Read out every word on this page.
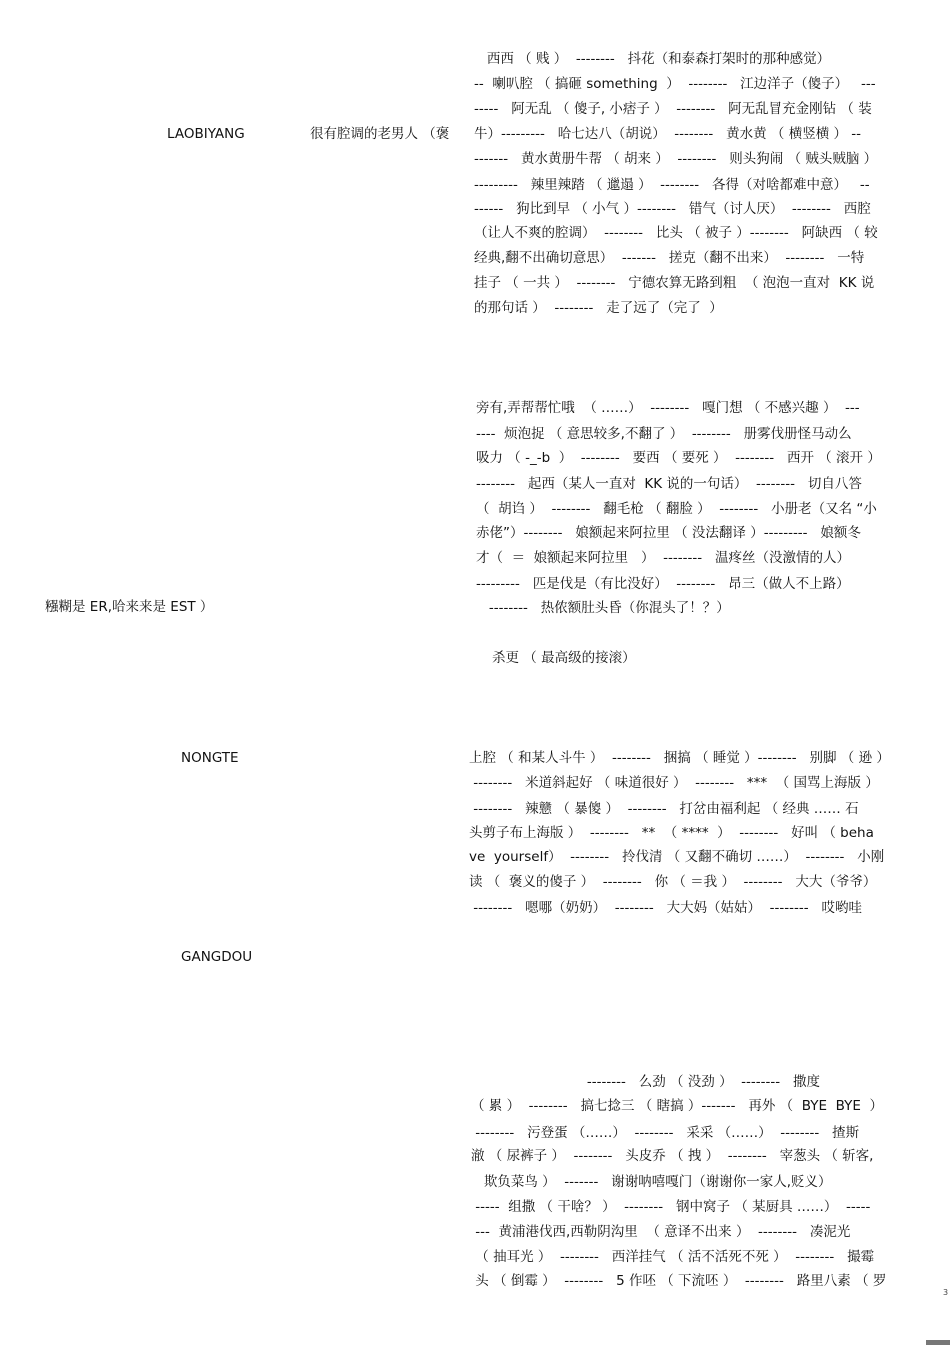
LAOBIYANG	很有腔调的老男人 （褒
糨糊是 ER,哈来来是 EST ）
NONGTE
GANGDOU
西西 （ 贱 ）  --------   抖花（和泰森打架时的那种感觉）
--  喇叭腔 （ 搞砸 something  ）  --------   江边洋子（傻子）   ---
-----   阿无乱 （ 傻子, 小痞子 ）  --------   阿无乱冒充金刚钻 （ 装
牛）---------   哈七达八（胡说）  --------   黄水黄 （ 横竖横 ） --
-------   黄水黄册牛帮 （ 胡来 ）  --------   则头狗闹 （ 贼头贼脑 ）
---------   辣里辣踏 （ 邋遢 ）  --------   各得（对啥都难中意）   --
------   狗比到早 （ 小气 ）--------   错气（讨人厌）  --------   西腔
（让人不爽的腔调）  --------   比头 （ 被子 ）--------   阿缺西 （ 较
经典,翻不出确切意思）  -------   搓克（翻不出来）  --------   一特
挂子 （ 一共 ）  --------   宁德农算无路到粗  （ 泡泡一直对  KK 说
的那句话 ）  --------   走了远了（完了  ）
旁有,弄帮帮忙哦  （ ……）  --------   嘎门想 （ 不感兴趣 ）  ---
----  烦泡捉 （ 意思较多,不翻了 ）  --------   册雾伐册怪马动么
吸力 （ -_-b  ）  --------   要西 （ 要死 ）  --------   西开 （ 滚开 ）
--------   起西（某人一直对  KK 说的一句话）  --------   切自八答
（  胡诌 ）  --------   翻毛枪 （ 翻脸 ）  --------   小册老（又名 “小
赤佬”）--------   娘额起来阿拉里 （ 没法翻译 ）---------   娘额冬
才（  ＝  娘额起来阿拉里   ）  --------   温疼丝（没激情的人）
---------   匹是伐是（有比没好）  --------   昂三（做人不上路）
--------   热侬额肚头昏（你混头了！？）
杀更 （ 最高级的接滚）
上腔 （ 和某人斗牛 ）  --------   捆搞 （ 睡觉 ）--------   别脚 （ 逊 ）
--------   米道斜起好 （ 味道很好 ）  --------   ***  （ 国骂上海版 ）
--------   辣戆 （ 暴傻 ）  --------   打岔由福利起 （ 经典 …… 石
头剪子布上海版 ）  --------   **  （ ****  ）  --------   好叫 （ beha
ve  yourself）  --------   拎伐清 （ 又翻不确切 ……）  --------   小刚
读 （  褒义的傻子 ）  --------   你 （ ＝我 ）  --------   大大（爷爷）
--------   嗯哪（奶奶）  --------   大大妈（姑姑）  --------   哎哟哇
--------   么劲 （ 没劲 ）  --------   撒度
（ 累 ）  --------   搞七捻三 （ 瞎搞 ）-------   再外 （  BYE  BYE  ）
--------   污登蛋 （……）  --------   采采 （……）  --------   揸斯
澈 （ 尿裤子 ）  --------   头皮乔 （ 拽 ）  --------   宰葱头 （ 斩客,
欺负菜鸟 ）  -------   谢谢呐嘻嘎门（谢谢你一家人,贬义）
-----  组撒 （ 干啥？ ）  --------   钢中窝子 （ 某厨具 ……）  -----
---  黄浦港伐西,西勒阴沟里  （ 意译不出来 ）  --------   凑泥光
（ 抽耳光 ）  --------   西洋挂气 （ 活不活死不死 ）  --------   撮霉
头 （ 倒霉 ）  --------   5 作呸 （ 下流呸 ）  --------   路里八素 （ 罗
3
